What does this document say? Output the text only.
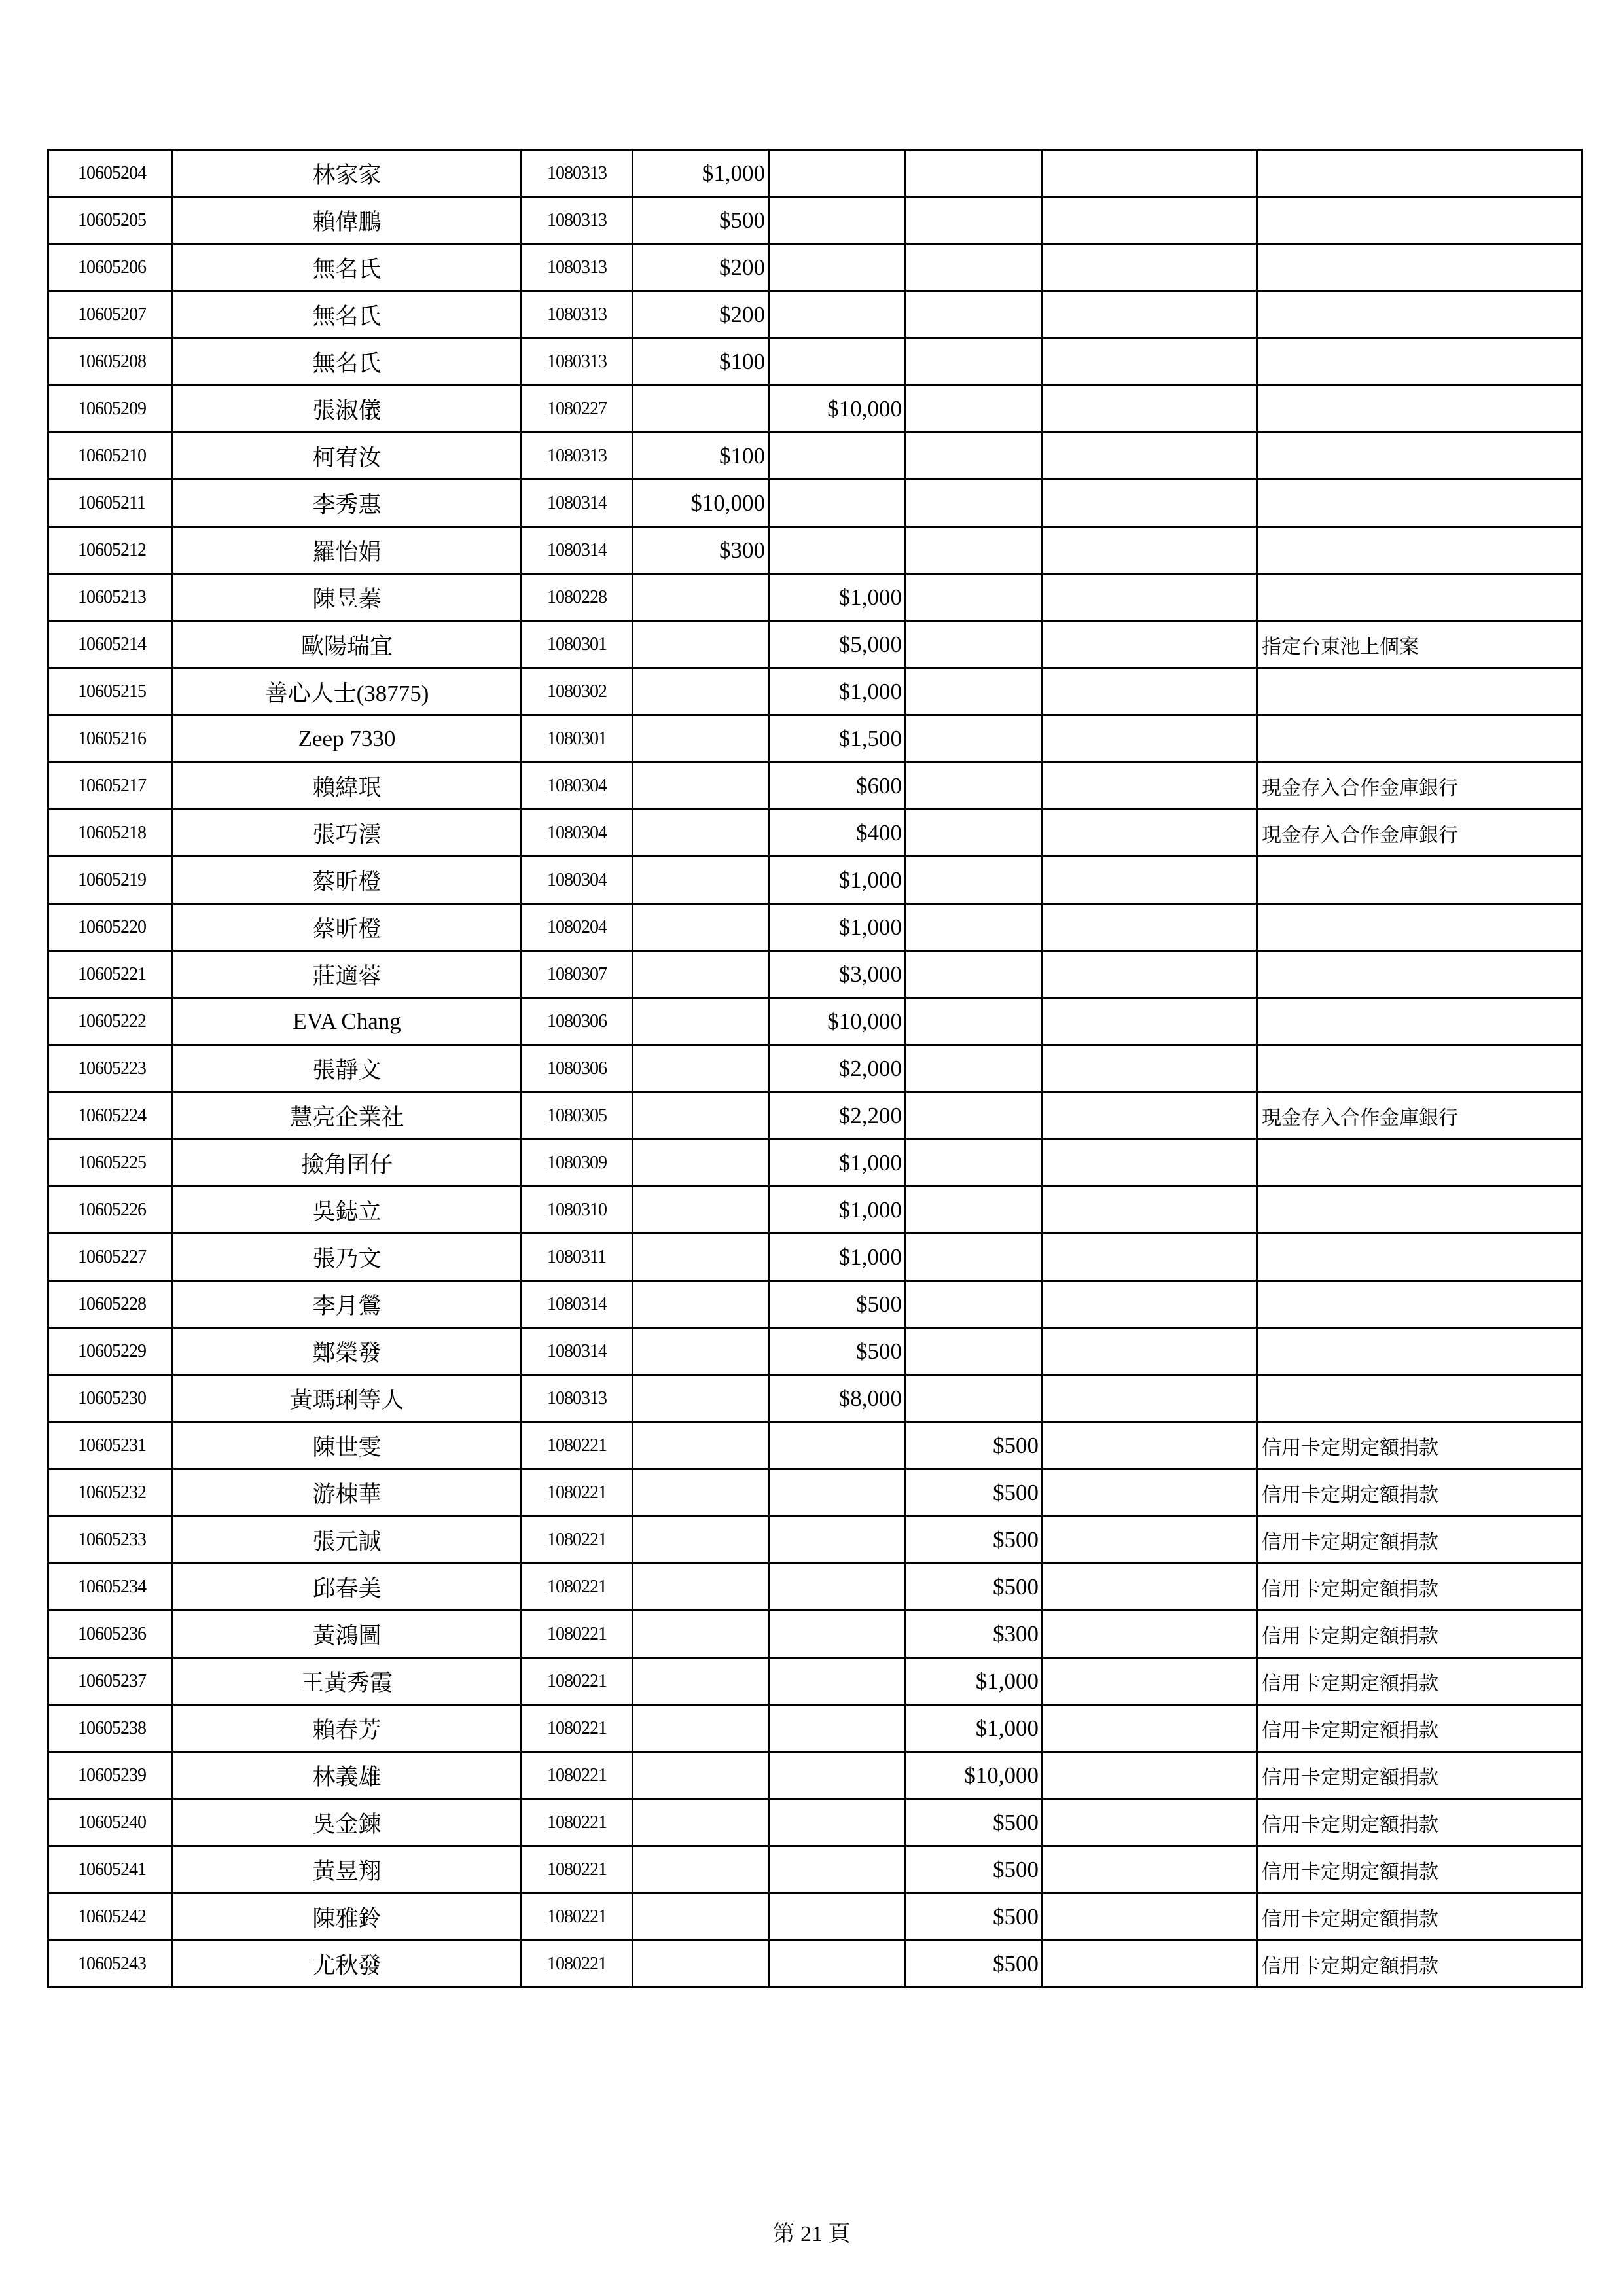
10605204	林家家	1080313	$1,000				
10605205	賴偉鵬	1080313	$500				
10605206	無名氏	1080313	$200				
10605207	無名氏	1080313	$200				
10605208	無名氏	1080313	$100				
10605209	張淑儀	1080227		$10,000			
10605210	柯宥汝	1080313	$100				
10605211	李秀惠	1080314	$10,000				
10605212	羅怡娟	1080314	$300				
10605213	陳昱蓁	1080228		$1,000			
10605214	歐陽瑞宜	1080301		$5,000			指定台東池上個案
10605215	善心人士(38775)	1080302		$1,000			
10605216	Zeep 7330	1080301		$1,500			
10605217	賴緯珉	1080304		$600			現金存入合作金庫銀行
10605218	張巧澐	1080304		$400			現金存入合作金庫銀行
10605219	蔡昕橙	1080304		$1,000			
10605220	蔡昕橙	1080204		$1,000			
10605221	莊適蓉	1080307		$3,000			
10605222	EVA Chang	1080306		$10,000			
10605223	張靜文	1080306		$2,000			
10605224	慧亮企業社	1080305		$2,200			現金存入合作金庫銀行
10605225	撿角囝仔	1080309		$1,000			
10605226	吳鋕立	1080310		$1,000			
10605227	張乃文	1080311		$1,000			
10605228	李月鶯	1080314		$500			
10605229	鄭榮發	1080314		$500			
10605230	黃瑪琍等人	1080313		$8,000			
10605231	陳世雯	1080221			$500		信用卡定期定額捐款
10605232	游棟華	1080221			$500		信用卡定期定額捐款
10605233	張元誠	1080221			$500		信用卡定期定額捐款
10605234	邱春美	1080221			$500		信用卡定期定額捐款
10605236	黃鴻圖	1080221			$300		信用卡定期定額捐款
10605237	王黃秀霞	1080221			$1,000		信用卡定期定額捐款
10605238	賴春芳	1080221			$1,000		信用卡定期定額捐款
10605239	林義雄	1080221			$10,000		信用卡定期定額捐款
10605240	吳金鍊	1080221			$500		信用卡定期定額捐款
10605241	黃昱翔	1080221			$500		信用卡定期定額捐款
10605242	陳雅鈴	1080221			$500		信用卡定期定額捐款
10605243	尤秋發	1080221			$500		信用卡定期定額捐款
第 21 頁
